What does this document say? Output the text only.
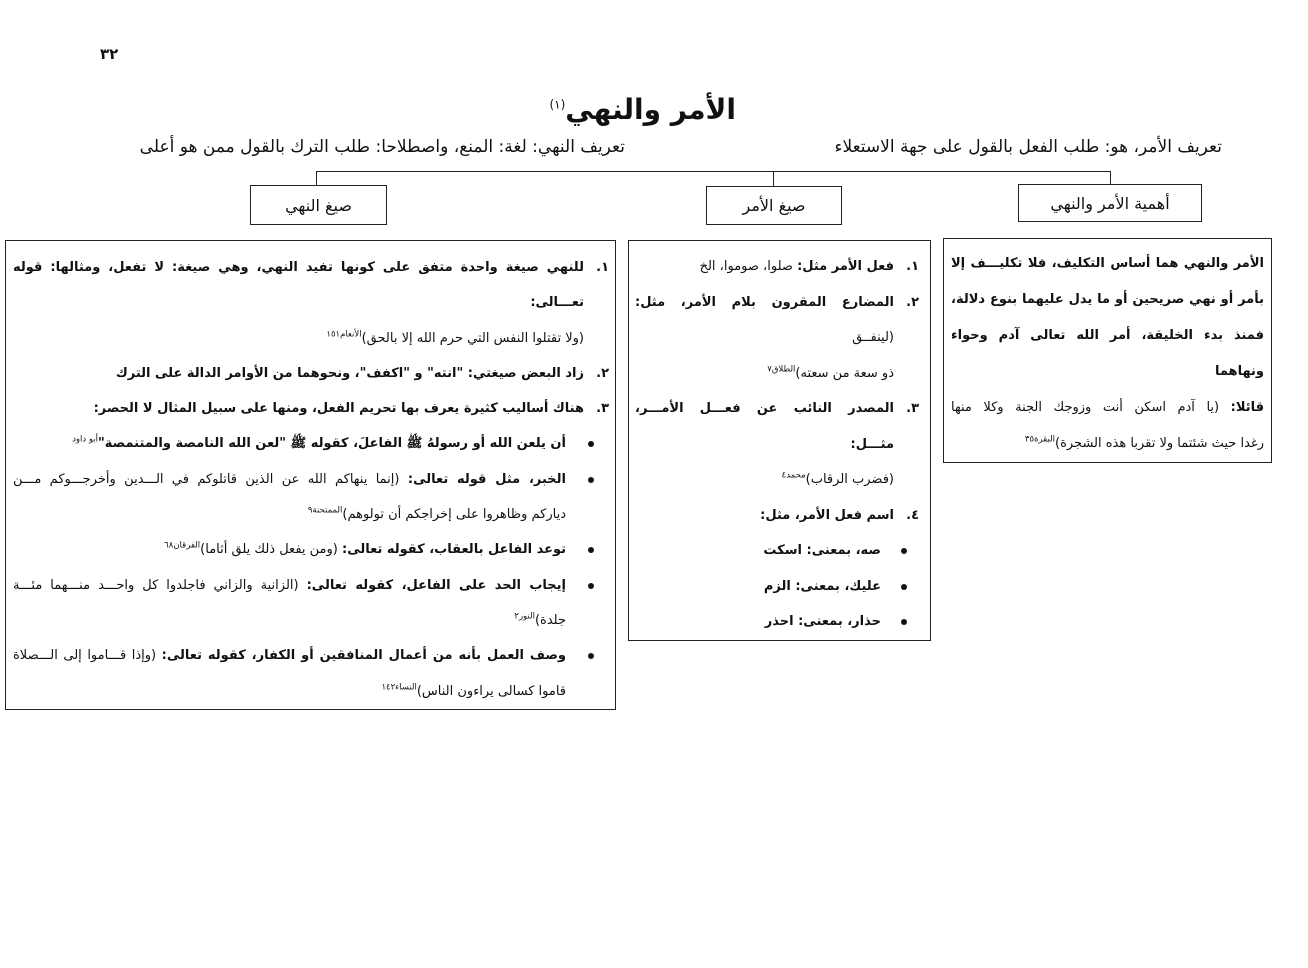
٣٢
الأمر والنهي$^{(١)}$
تعريف الأمر، هو: طلب الفعل بالقول على جهة الاستعلاء
تعريف النهي: لغة: المنع، واصطلاحا: طلب الترك بالقول ممن هو أعلى
أهمية الأمر والنهي
صيغ الأمر
صيغ النهي
الأمر والنهي هما أساس التكليف، فلا تكليـــف إلا
بأمر أو نهي صريحين أو ما يدل عليهما بنوع دلالة،
فمنذ بدء الخليقة، أمر الله تعالى آدم وحواء ونهاهما
قائلا: (يا آدم اسكن أنت وزوجك الجنة وكلا منها
رغدا حيث شئتما ولا تقربا هذه الشجرة)$^{البقرة٣٥}$
١.
فعل الأمر مثل: صلوا، صوموا، الخ
٢.
المضارع المقرون بلام الأمر، مثل: (لينفــق
ذو سعة من سعته)$^{الطلاق٧}$
٣.
المصدر النائب عن فعـــل الأمـــر، مثـــل:
(فضرب الرقاب)$^{محمد٤}$
٤.
اسم فعل الأمر، مثل:
صه، بمعنى: اسكت
عليك، بمعنى: الزم
حذار، بمعنى: احذر
١.
للنهي صيغة واحدة متفق على كونها تفيد النهي، وهي صيغة: لا تفعل، ومثالها: قوله تعـــالى:
(ولا تقتلوا النفس التي حرم الله إلا بالحق)$^{الأنعام١٥١}$
٢.
زاد البعض صيغتي: "انته" و "اكفف"، ونحوهما من الأوامر الدالة على الترك
٣.
هناك أساليب كثيرة يعرف بها تحريم الفعل، ومنها على سبيل المثال لا الحصر:
أن يلعن الله أو رسولهُ ﷺ الفاعلَ، كقوله ﷺ "لعن الله النامصة والمتنمصة"$^{أبو داود}$
الخبر، مثل قوله تعالى: (إنما ينهاكم الله عن الذين قاتلوكم في الـــدين وأخرجـــوكم مـــن
دياركم وظاهروا على إخراجكم أن تولوهم)$^{الممتحنة٩}$
توعد الفاعل بالعقاب، كقوله تعالى: (ومن يفعل ذلك يلق أثاما)$^{الفرقان٦٨}$
إيجاب الحد على الفاعل، كقوله تعالى: (الزانية والزاني فاجلدوا كل واحـــد منـــهما مئـــة
جلدة)$^{النور٢}$
وصف العمل بأنه من أعمال المنافقين أو الكفار، كقوله تعالى: (وإذا قـــاموا إلى الـــصلاة
قاموا كسالى يراءون الناس)$^{النساء١٤٢}$
